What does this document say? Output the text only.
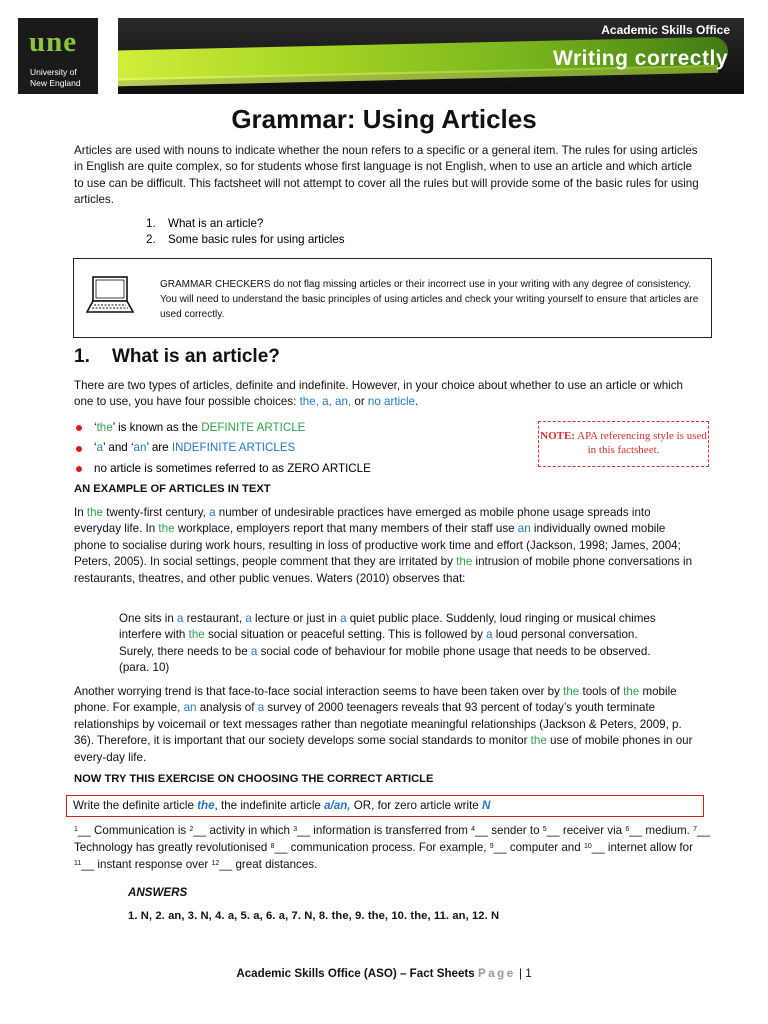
une
University of
New England
Academic Skills Office
Writing correctly
Grammar: Using Articles
Articles are used with nouns to indicate whether the noun refers to a specific or a general item. The rules for using articles in English are quite complex, so for students whose first language is not English, when to use an article and which article to use can be difficult. This factsheet will not attempt to cover all the rules but will provide some of the basic rules for using articles.
1.	What is an article?
2.	Some basic rules for using articles
GRAMMAR CHECKERS do not flag missing articles or their incorrect use in your writing with any degree of consistency. You will need to understand the basic principles of using articles and check your writing yourself to ensure that articles are used correctly.
1. What is an article?
There are two types of articles, definite and indefinite. However, in your choice about whether to use an article or which one to use, you have four possible choices: the, a, an, or no article.
‘ the ’ is known as the
DEFINITE ARTICLE
‘ a ’ and ‘ an ’ are
INDEFINITE ARTICLES
no article is sometimes referred to as ZERO ARTICLE
NOTE: APA referencing style is used in this factsheet.
AN EXAMPLE OF ARTICLES IN TEXT
In the twenty-first century, a number of undesirable practices have emerged as mobile phone usage spreads into everyday life. In the workplace, employers report that many members of their staff use an individually owned mobile phone to socialise during work hours, resulting in loss of productive work time and effort (Jackson, 1998; James, 2004; Peters, 2005). In social settings, people comment that they are irritated by the intrusion of mobile phone conversations in restaurants, theatres, and other public venues. Waters (2010) observes that:
One sits in a restaurant, a lecture or just in a quiet public place. Suddenly, loud ringing or musical chimes interfere with the social situation or peaceful setting. This is followed by a loud personal conversation. Surely, there needs to be a social code of behaviour for mobile phone usage that needs to be observed. (para. 10)
Another worrying trend is that face-to-face social interaction seems to have been taken over by the tools of the mobile phone. For example, an analysis of a survey of 2000 teenagers reveals that 93 percent of today’s youth terminate relationships by voicemail or text messages rather than negotiate meaningful relationships (Jackson & Peters, 2009, p. 36). Therefore, it is important that our society develops some social standards to monitor the use of mobile phones in our every-day life.
NOW TRY THIS EXERCISE ON CHOOSING THE CORRECT ARTICLE
Write the definite article the, the indefinite article a/an, OR, for zero article write N
$^1$__ Communication is $^2$__ activity in which $^3$__ information is transferred from $^4$__ sender to $^5$__ receiver via $^6$__ medium. $^7$__ Technology has greatly revolutionised $^8$__ communication process. For example, $^9$__ computer and $^{10}$__ internet allow for $^{11}$__ instant response over $^{12}$__ great distances.
ANSWERS
1. N, 2. an, 3. N, 4. a, 5. a, 6. a, 7. N, 8. the, 9. the, 10. the, 11. an, 12. N
Academic Skills Office (ASO) – Fact Sheets Page | 1
